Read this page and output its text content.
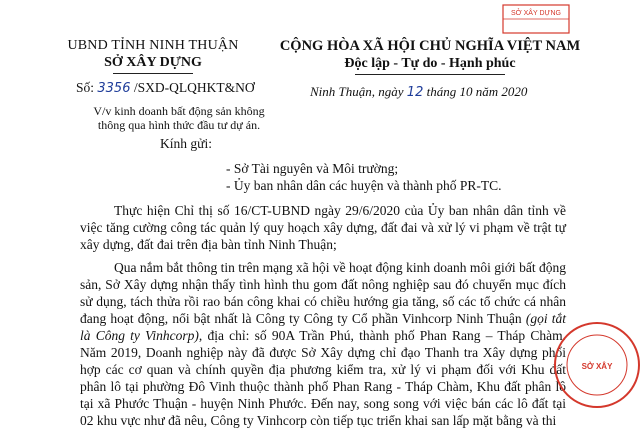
SỞ XÂY DỰNG
UBND TỈNH NINH THUẬN
SỞ XÂY DỰNG
CỘNG HÒA XÃ HỘI CHỦ NGHĨA VIỆT NAM
Độc lập - Tự do - Hạnh phúc
Số: 3356 /SXD-QLQHKT&NƠ	Ninh Thuận, ngày 12 tháng 10 năm 2020
V/v kinh doanh bất động sản không
thông qua hình thức đầu tư dự án.
Kính gửi:
- Sở Tài nguyên và Môi trường;
- Ủy ban nhân dân các huyện và thành phố PR-TC.

Thực hiện Chỉ thị số 16/CT-UBND ngày 29/6/2020 của Ủy ban nhân dân tỉnh về việc tăng cường công tác quản lý quy hoạch xây dựng, đất đai và xử lý vi phạm về trật tự xây dựng, đất đai trên địa bàn tỉnh Ninh Thuận;

Qua nắm bắt thông tin trên mạng xã hội về hoạt động kinh doanh môi giới bất động sản, Sở Xây dựng nhận thấy tình hình thu gom đất nông nghiệp sau đó chuyển mục đích sử dụng, tách thửa rồi rao bán công khai có chiều hướng gia tăng, số các tổ chức cá nhân đang hoạt động, nổi bật nhất là Công ty Công ty Cổ phần Vinhcorp Ninh Thuận (gọi tắt là Công ty Vinhcorp), địa chỉ: số 90A Trần Phú, thành phố Phan Rang – Tháp Chàm. Năm 2019, Doanh nghiệp này đã được Sở Xây dựng chỉ đạo Thanh tra Xây dựng phối hợp các cơ quan và chính quyền địa phương kiểm tra, xử lý vi phạm đối với Khu đất phân lô tại phường Đô Vinh thuộc thành phố Phan Rang - Tháp Chàm, Khu đất phân lô tại xã Phước Thuận - huyện Ninh Phước. Đến nay, song song với việc bán các lô đất tại 02 khu vực như đã nêu, Công ty Vinhcorp còn tiếp tục triển khai san lấp mặt bằng và thi

SỞ XÂY
